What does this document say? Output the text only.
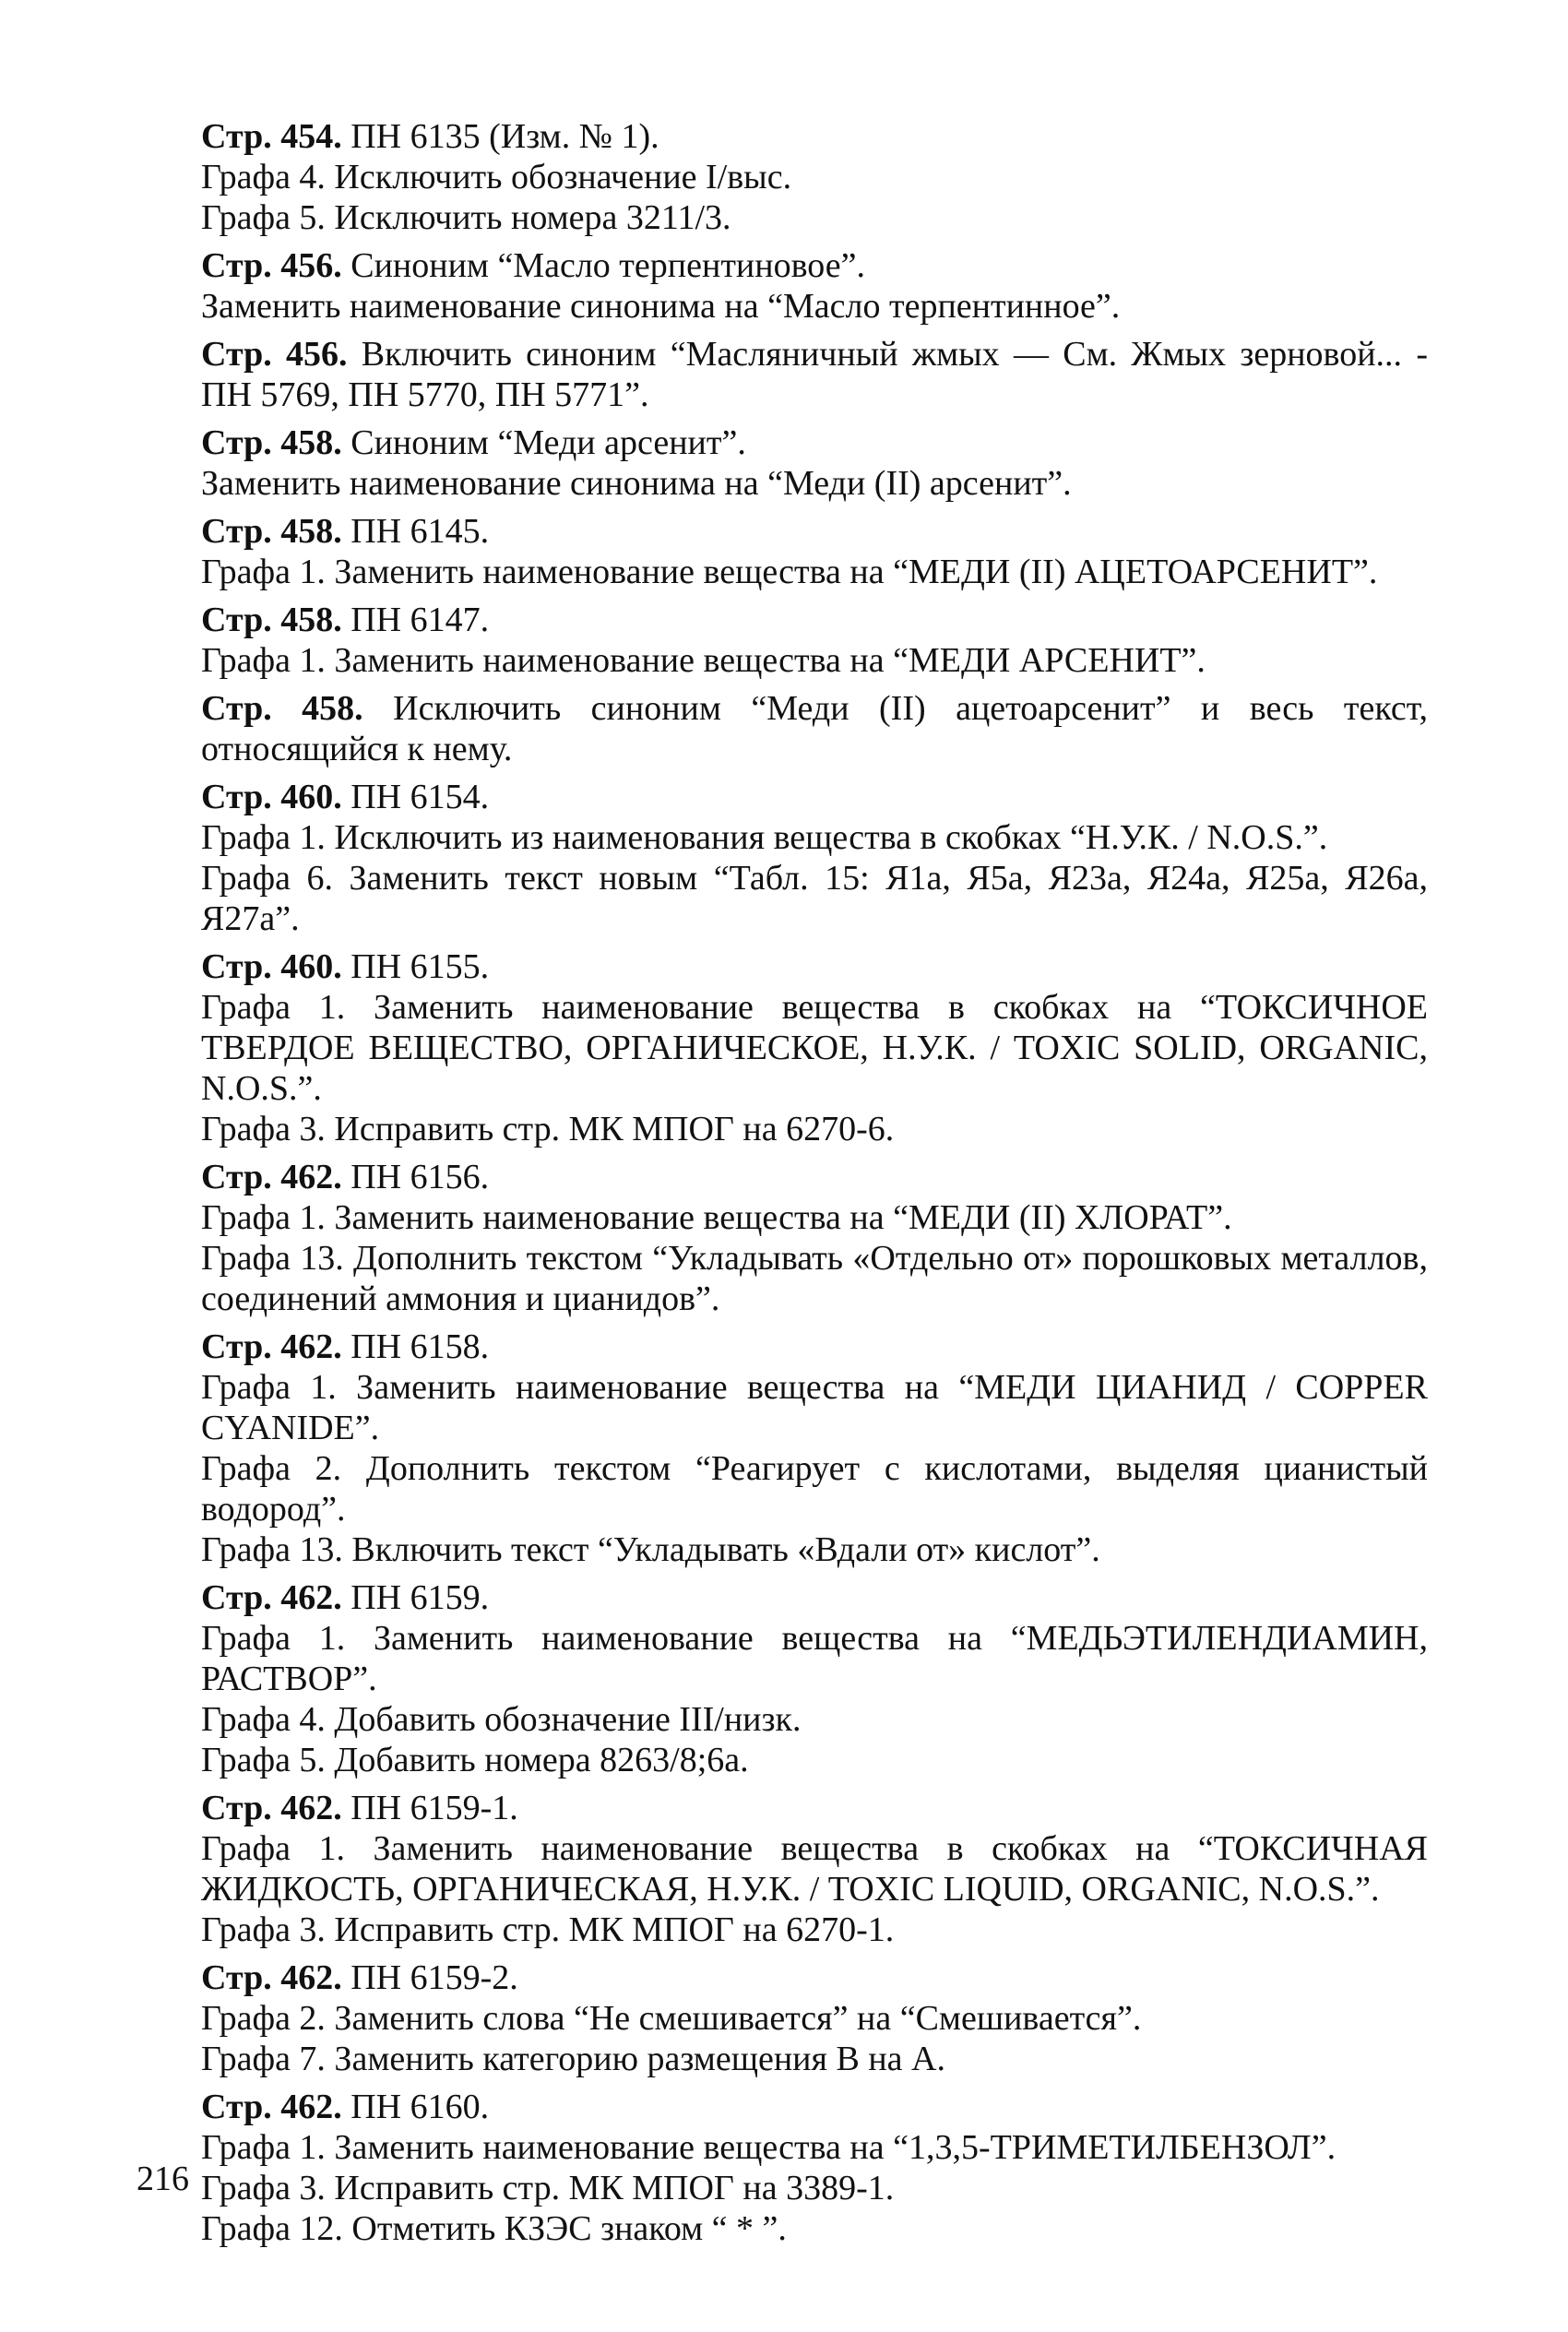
Стр. 454. ПН 6135 (Изм. № 1).

Графа 4. Исключить обозначение I/выс.

Графа 5. Исключить номера 3211/3.

Стр. 456. Синоним “Масло терпентиновое”.

Заменить наименование синонима на “Масло терпентинное”.

Стр. 456. Включить синоним “Масляничный жмых — См. Жмых зерновой... - ПН 5769, ПН 5770, ПН 5771”.

Стр. 458. Синоним “Меди арсенит”.

Заменить наименование синонима на “Меди (II) арсенит”.

Стр. 458. ПН 6145.

Графа 1. Заменить наименование вещества на “МЕДИ (II) АЦЕТОАРСЕНИТ”.

Стр. 458. ПН 6147.

Графа 1. Заменить наименование вещества на “МЕДИ АРСЕНИТ”.

Стр. 458. Исключить синоним “Меди (II) ацетоарсенит” и весь текст, относящийся к нему.

Стр. 460. ПН 6154.

Графа 1. Исключить из наименования вещества в скобках “Н.У.К. / N.O.S.”.

Графа 6. Заменить текст новым “Табл. 15: Я1а, Я5а, Я23а, Я24а, Я25а, Я26а, Я27а”.

Стр. 460. ПН 6155.

Графа 1. Заменить наименование вещества в скобках на “ТОКСИЧНОЕ ТВЕРДОЕ ВЕЩЕСТВО, ОРГАНИЧЕСКОЕ, Н.У.К. / TOXIC SOLID, ORGANIC, N.O.S.”.

Графа 3. Исправить стр. МК МПОГ на 6270-6.

Стр. 462. ПН 6156.

Графа 1. Заменить наименование вещества на “МЕДИ (II) ХЛОРАТ”.

Графа 13. Дополнить текстом “Укладывать «Отдельно от» порошковых металлов, соединений аммония и цианидов”.

Стр. 462. ПН 6158.

Графа 1. Заменить наименование вещества на “МЕДИ ЦИАНИД / COPPER CYANIDE”.

Графа 2. Дополнить текстом “Реагирует с кислотами, выделяя цианистый водород”.

Графа 13. Включить текст “Укладывать «Вдали от» кислот”.

Стр. 462. ПН 6159.

Графа 1. Заменить наименование вещества на “МЕДЬЭТИЛЕНДИАМИН, РАСТВОР”.

Графа 4. Добавить обозначение III/низк.

Графа 5. Добавить номера 8263/8;6а.

Стр. 462. ПН 6159-1.

Графа 1. Заменить наименование вещества в скобках на “ТОКСИЧНАЯ ЖИДКОСТЬ, ОРГАНИЧЕСКАЯ, Н.У.К. / TOXIC LIQUID, ORGANIC, N.O.S.”.

Графа 3. Исправить стр. МК МПОГ на 6270-1.

Стр. 462. ПН 6159-2.

Графа 2. Заменить слова “Не смешивается” на “Смешивается”.

Графа 7. Заменить категорию размещения В на А.

Стр. 462. ПН 6160.

Графа 1. Заменить наименование вещества на “1,3,5-ТРИМЕТИЛБЕНЗОЛ”.

Графа 3. Исправить стр. МК МПОГ на 3389-1.

Графа 12. Отметить КЗЭС знаком “ * ”.

216
